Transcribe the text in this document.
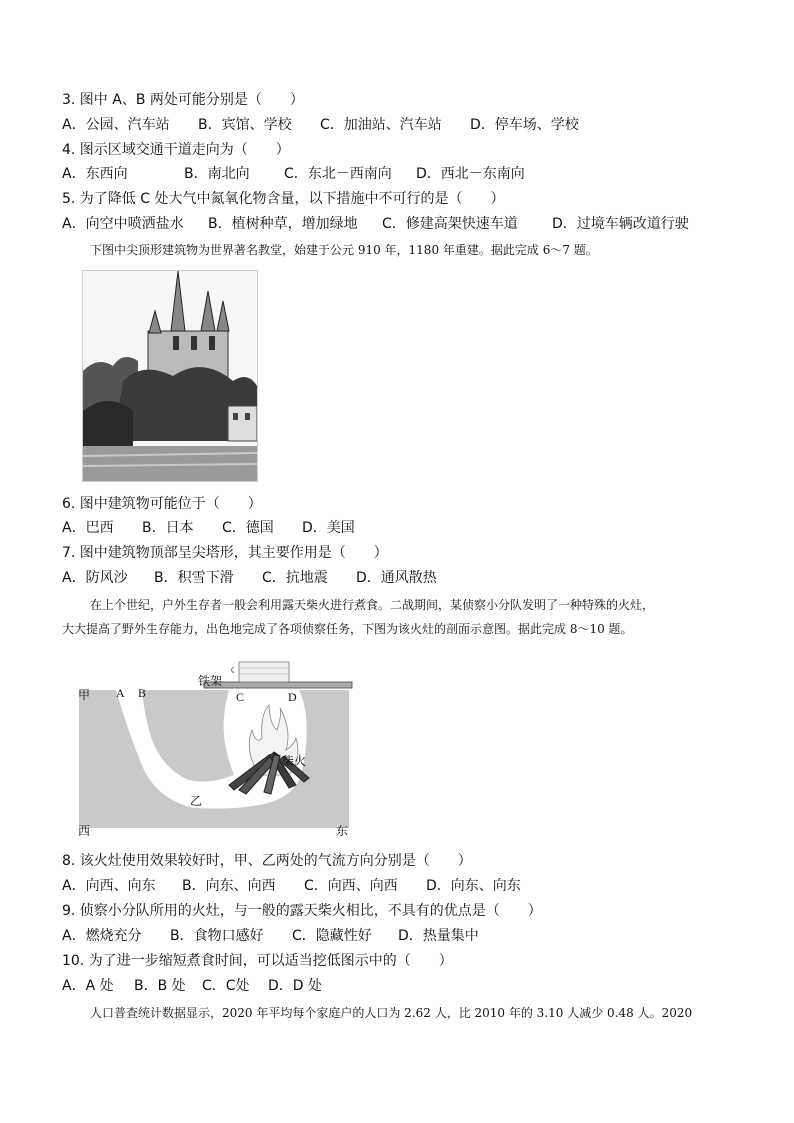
3. 图中 A、B 两处可能分别是（　　）
A．公园、汽车站 B．宾馆、学校 C．加油站、汽车站 D．停车场、学校
4. 图示区域交通干道走向为（　　）
A．东西向	B．南北向 C．东北－西南向 D．西北－东南向
5. 为了降低 C 处大气中氮氧化物含量，以下措施中不可行的是（　　）
A．向空中喷洒盐水 B．植树种草，增加绿地 C．修建高架快速车道 D．过境车辆改道行驶
下图中尖顶形建筑物为世界著名教堂，始建于公元 910 年，1180 年重建。据此完成 6～7 题。
6. 图中建筑物可能位于（　　）
A．巴西 B．日本 C．德国 D．美国
7. 图中建筑物顶部呈尖塔形，其主要作用是（　　）
A．防风沙 B．积雪下滑 C．抗地震 D．通风散热
在上个世纪，户外生存者一般会利用露天柴火进行煮食。二战期间，某侦察小分队发明了一种特殊的火灶，
大大提高了野外生存能力，出色地完成了各项侦察任务，下图为该火灶的剖面示意图。据此完成 8～10 题。
铁架
甲 A B	C	D
柴火
乙
西	东
8. 该火灶使用效果较好时，甲、乙两处的气流方向分别是（　　）
A．向西、向东 B．向东、向西 C．向西、向西 D．向东、向东
9. 侦察小分队所用的火灶，与一般的露天柴火相比，不具有的优点是（　　）
A．燃烧充分 B．食物口感好 C．隐藏性好 D．热量集中
10. 为了进一步缩短煮食时间，可以适当挖低图示中的（　　）
A．A 处 B．B 处 C．C处 D．D 处
人口普查统计数据显示，2020 年平均每个家庭户的人口为 2.62 人，比 2010 年的 3.10 人减少 0.48 人。2020
